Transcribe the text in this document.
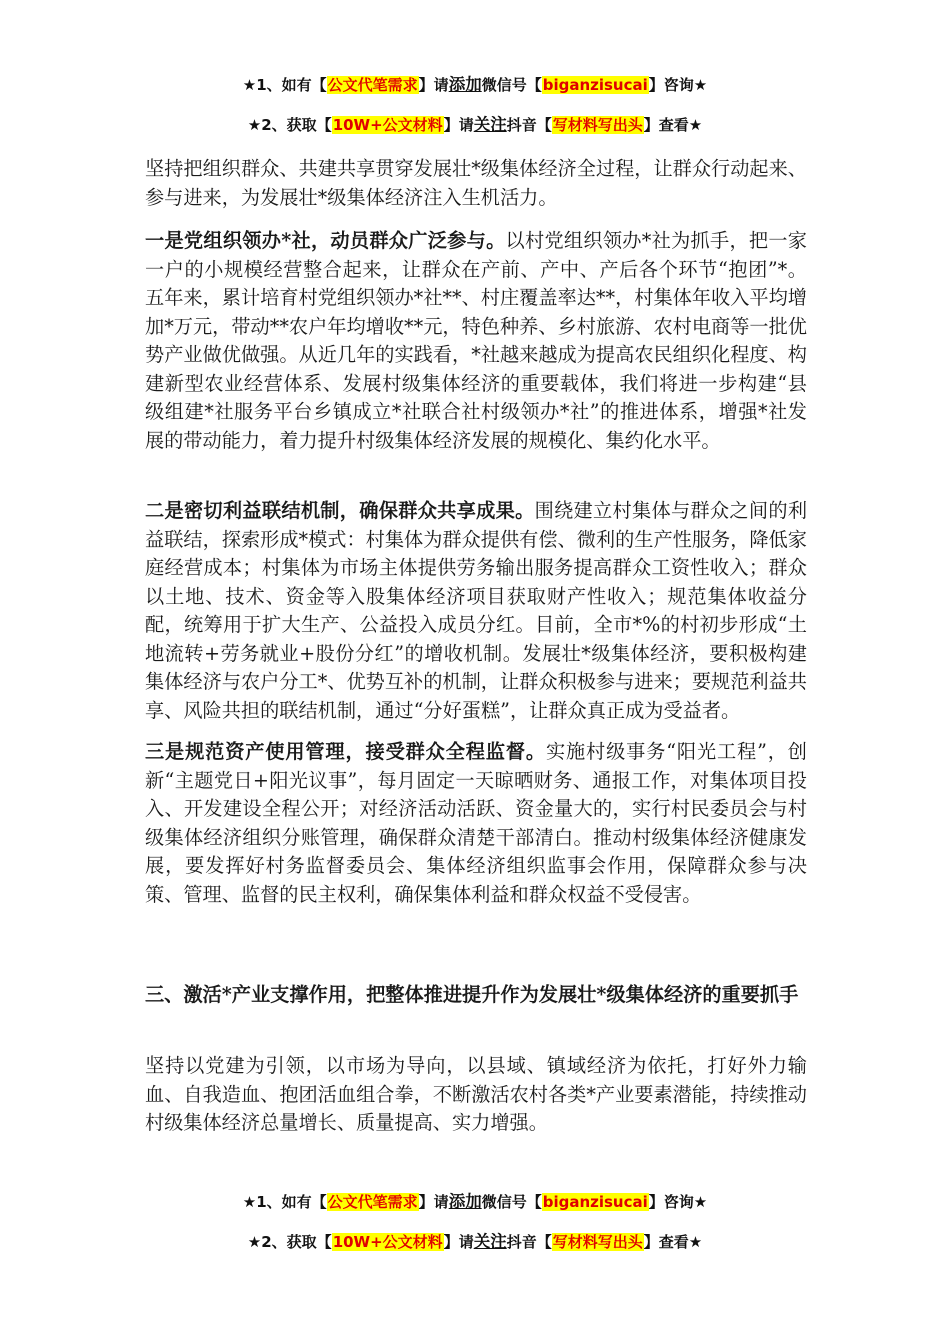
★1、如有【公文代笔需求】请添加微信号【biganzisucai】咨询★
★2、获取【10W+公文材料】请关注抖音【写材料写出头】查看★

坚持把组织群众、共建共享贯穿发展壮*级集体经济全过程，让群众行动起来、参与进来，为发展壮*级集体经济注入生机活力。

一是党组织领办*社，动员群众广泛参与。以村党组织领办*社为抓手，把一家一户的小规模经营整合起来，让群众在产前、产中、产后各个环节“抱团”*。五年来，累计培育村党组织领办*社**、村庄覆盖率达**，村集体年收入平均增加*万元，带动**农户年均增收**元，特色种养、乡村旅游、农村电商等一批优势产业做优做强。从近几年的实践看，*社越来越成为提高农民组织化程度、构建新型农业经营体系、发展村级集体经济的重要载体，我们将进一步构建“县级组建*社服务平台乡镇成立*社联合社村级领办*社”的推进体系，增强*社发展的带动能力，着力提升村级集体经济发展的规模化、集约化水平。

二是密切利益联结机制，确保群众共享成果。围绕建立村集体与群众之间的利益联结，探索形成*模式：村集体为群众提供有偿、微利的生产性服务，降低家庭经营成本；村集体为市场主体提供劳务输出服务提高群众工资性收入；群众以土地、技术、资金等入股集体经济项目获取财产性收入；规范集体收益分配，统筹用于扩大生产、公益投入成员分红。目前，全市*%的村初步形成“土地流转+劳务就业+股份分红”的增收机制。发展壮*级集体经济，要积极构建集体经济与农户分工*、优势互补的机制，让群众积极参与进来；要规范利益共享、风险共担的联结机制，通过“分好蛋糕”，让群众真正成为受益者。

三是规范资产使用管理，接受群众全程监督。实施村级事务“阳光工程”，创新“主题党日+阳光议事”，每月固定一天晾晒财务、通报工作，对集体项目投入、开发建设全程公开；对经济活动活跃、资金量大的，实行村民委员会与村级集体经济组织分账管理，确保群众清楚干部清白。推动村级集体经济健康发展，要发挥好村务监督委员会、集体经济组织监事会作用，保障群众参与决策、管理、监督的民主权利，确保集体利益和群众权益不受侵害。

三、激活*产业支撑作用，把整体推进提升作为发展壮*级集体经济的重要抓手

坚持以党建为引领，以市场为导向，以县域、镇域经济为依托，打好外力输血、自我造血、抱团活血组合拳，不断激活农村各类*产业要素潜能，持续推动村级集体经济总量增长、质量提高、实力增强。

★1、如有【公文代笔需求】请添加微信号【biganzisucai】咨询★
★2、获取【10W+公文材料】请关注抖音【写材料写出头】查看★
